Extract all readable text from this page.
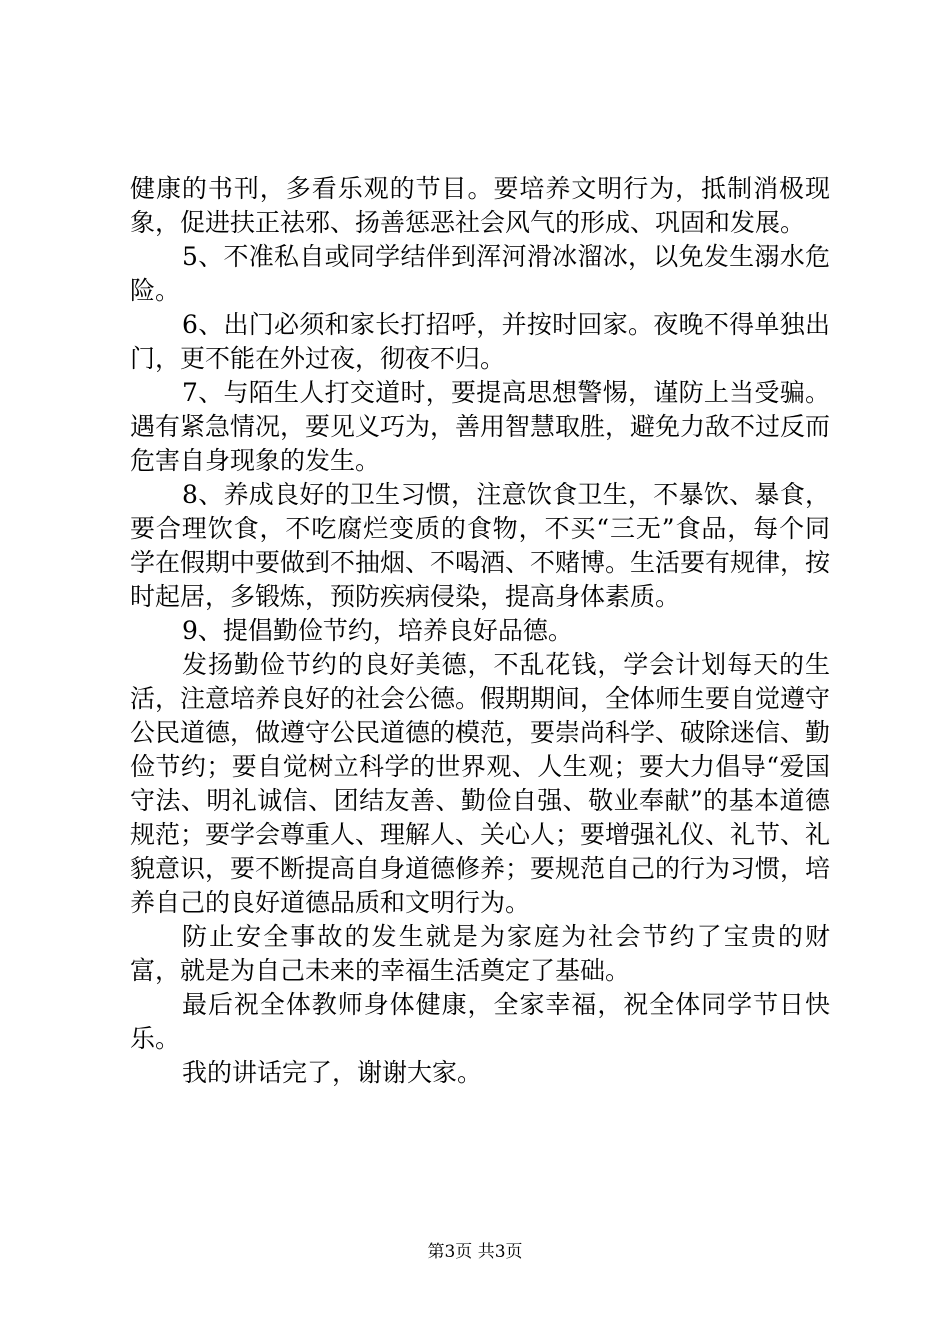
健康的书刊，多看乐观的节目。要培养文明行为，抵制消极现象，促进扶正祛邪、扬善惩恶社会风气的形成、巩固和发展。

5、不准私自或同学结伴到浑河滑冰溜冰，以免发生溺水危险。

6、出门必须和家长打招呼，并按时回家。夜晚不得单独出门，更不能在外过夜，彻夜不归。

7、与陌生人打交道时，要提高思想警惕，谨防上当受骗。遇有紧急情况，要见义巧为，善用智慧取胜，避免力敌不过反而危害自身现象的发生。

8、养成良好的卫生习惯，注意饮食卫生，不暴饮、暴食，要合理饮食，不吃腐烂变质的食物，不买“三无”食品，每个同学在假期中要做到不抽烟、不喝酒、不赌博。生活要有规律，按时起居，多锻炼，预防疾病侵染，提高身体素质。

9、提倡勤俭节约，培养良好品德。

发扬勤俭节约的良好美德，不乱花钱，学会计划每天的生活，注意培养良好的社会公德。假期期间，全体师生要自觉遵守公民道德，做遵守公民道德的模范，要崇尚科学、破除迷信、勤俭节约；要自觉树立科学的世界观、人生观；要大力倡导“爱国守法、明礼诚信、团结友善、勤俭自强、敬业奉献”的基本道德规范；要学会尊重人、理解人、关心人；要增强礼仪、礼节、礼貌意识，要不断提高自身道德修养；要规范自己的行为习惯，培养自己的良好道德品质和文明行为。

防止安全事故的发生就是为家庭为社会节约了宝贵的财富，就是为自己未来的幸福生活奠定了基础。

最后祝全体教师身体健康，全家幸福，祝全体同学节日快乐。

我的讲话完了，谢谢大家。

第3页 共3页
